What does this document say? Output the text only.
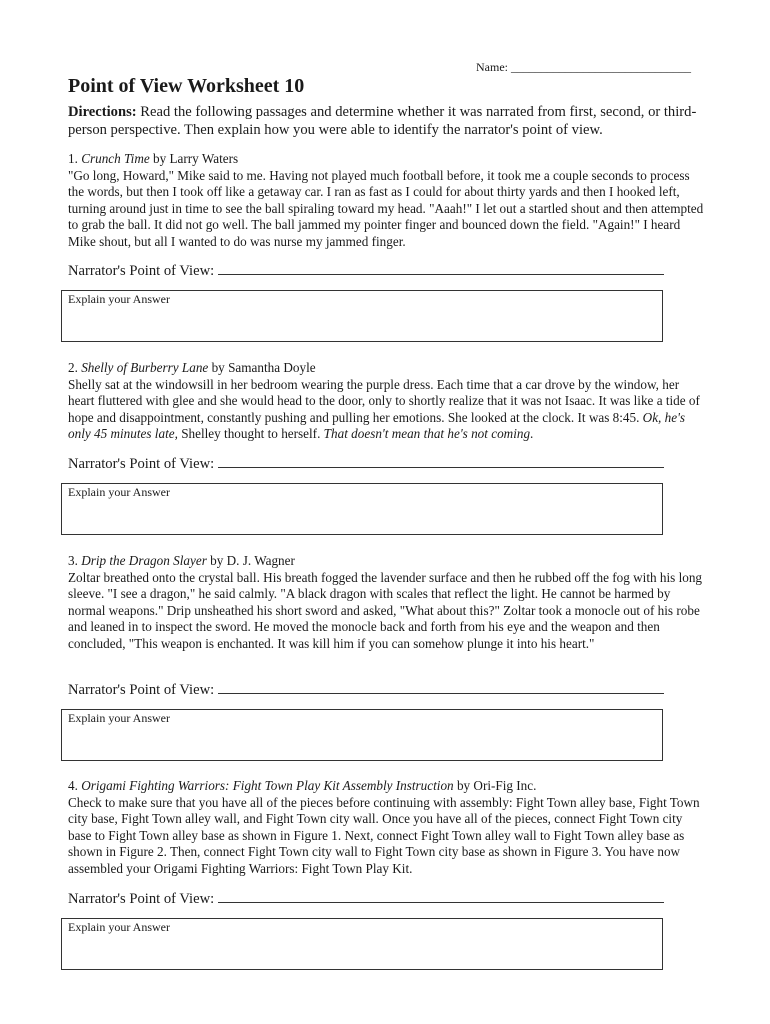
Name: ______________________________
Point of View Worksheet 10

Directions: Read the following passages and determine whether it was narrated from first, second, or third-person perspective. Then explain how you were able to identify the narrator's point of view.

1. Crunch Time by Larry Waters

"Go long, Howard," Mike said to me. Having not played much football before, it took me a couple seconds to process the words, but then I took off like a getaway car. I ran as fast as I could for about thirty yards and then I hooked left, turning around just in time to see the ball spiraling toward my head. "Aaah!" I let out a startled shout and then attempted to grab the ball. It did not go well. The ball jammed my pointer finger and bounced down the field. "Again!" I heard Mike shout, but all I wanted to do was nurse my jammed finger.

Narrator's Point of View:
Explain your Answer

2. Shelly of Burberry Lane by Samantha Doyle

Shelly sat at the windowsill in her bedroom wearing the purple dress. Each time that a car drove by the window, her heart fluttered with glee and she would head to the door, only to shortly realize that it was not Isaac. It was like a tide of hope and disappointment, constantly pushing and pulling her emotions. She looked at the clock. It was 8:45. Ok, he's only 45 minutes late, Shelley thought to herself. That doesn't mean that he's not coming.

Narrator's Point of View:
Explain your Answer

3. Drip the Dragon Slayer by D. J. Wagner

Zoltar breathed onto the crystal ball. His breath fogged the lavender surface and then he rubbed off the fog with his long sleeve. "I see a dragon," he said calmly. "A black dragon with scales that reflect the light. He cannot be harmed by normal weapons." Drip unsheathed his short sword and asked, "What about this?" Zoltar took a monocle out of his robe and leaned in to inspect the sword. He moved the monocle back and forth from his eye and the weapon and then concluded, "This weapon is enchanted. It was kill him if you can somehow plunge it into his heart."

Narrator's Point of View:
Explain your Answer

4. Origami Fighting Warriors: Fight Town Play Kit Assembly Instruction by Ori-Fig Inc.

Check to make sure that you have all of the pieces before continuing with assembly: Fight Town alley base, Fight Town city base, Fight Town alley wall, and Fight Town city wall. Once you have all of the pieces, connect Fight Town city base to Fight Town alley base as shown in Figure 1. Next, connect Fight Town alley wall to Fight Town alley base as shown in Figure 2. Then, connect Fight Town city wall to Fight Town city base as shown in Figure 3. You have now assembled your Origami Fighting Warriors: Fight Town Play Kit.

Narrator's Point of View:
Explain your Answer
